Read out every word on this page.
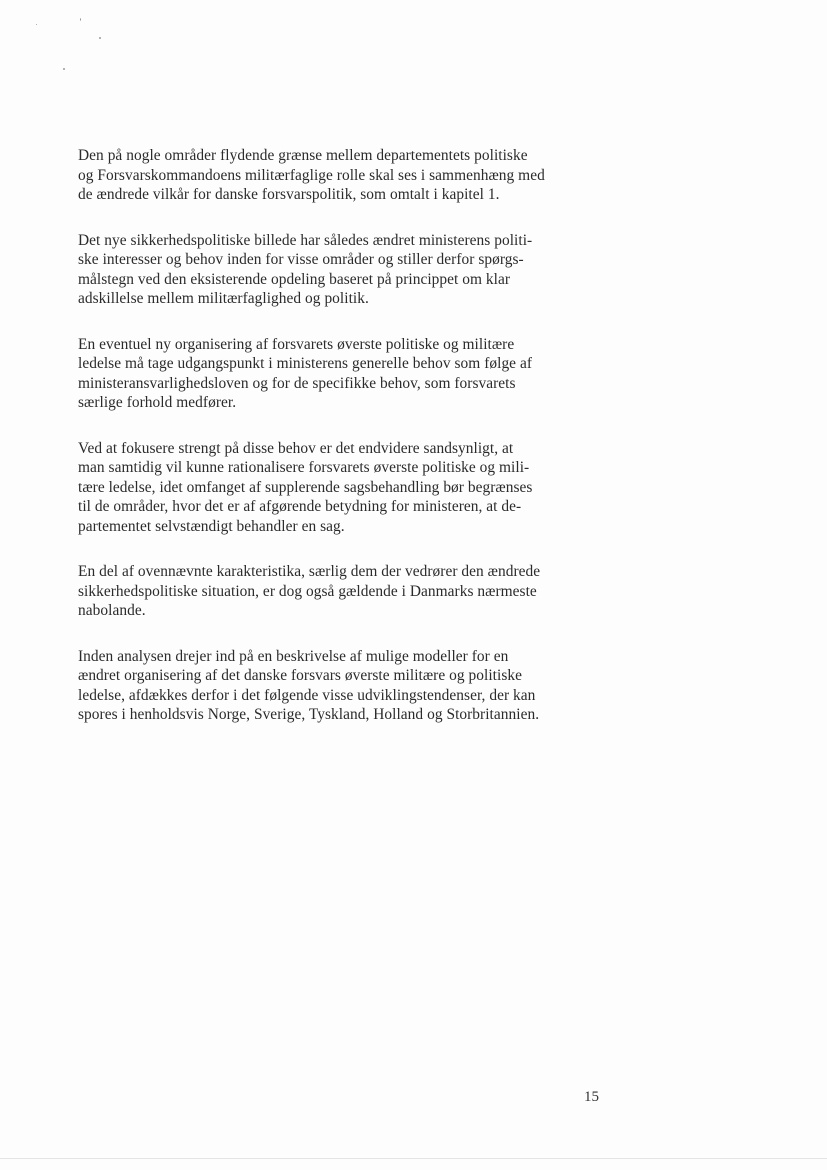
Den på nogle områder flydende grænse mellem departementets politiske
og Forsvarskommandoens militærfaglige rolle skal ses i sammenhæng med
de ændrede vilkår for danske forsvarspolitik, som omtalt i kapitel 1.

Det nye sikkerhedspolitiske billede har således ændret ministerens politi-
ske interesser og behov inden for visse områder og stiller derfor spørgs-
målstegn ved den eksisterende opdeling baseret på princippet om klar
adskillelse mellem militærfaglighed og politik.

En eventuel ny organisering af forsvarets øverste politiske og militære
ledelse må tage udgangspunkt i ministerens generelle behov som følge af
ministeransvarlighedsloven og for de specifikke behov, som forsvarets
særlige forhold medfører.

Ved at fokusere strengt på disse behov er det endvidere sandsynligt, at
man samtidig vil kunne rationalisere forsvarets øverste politiske og mili-
tære ledelse, idet omfanget af supplerende sagsbehandling bør begrænses
til de områder, hvor det er af afgørende betydning for ministeren, at de-
partementet selvstændigt behandler en sag.

En del af ovennævnte karakteristika, særlig dem der vedrører den ændrede
sikkerhedspolitiske situation, er dog også gældende i Danmarks nærmeste
nabolande.

Inden analysen drejer ind på en beskrivelse af mulige modeller for en
ændret organisering af det danske forsvars øverste militære og politiske
ledelse, afdækkes derfor i det følgende visse udviklingstendenser, der kan
spores i henholdsvis Norge, Sverige, Tyskland, Holland og Storbritannien.

15
